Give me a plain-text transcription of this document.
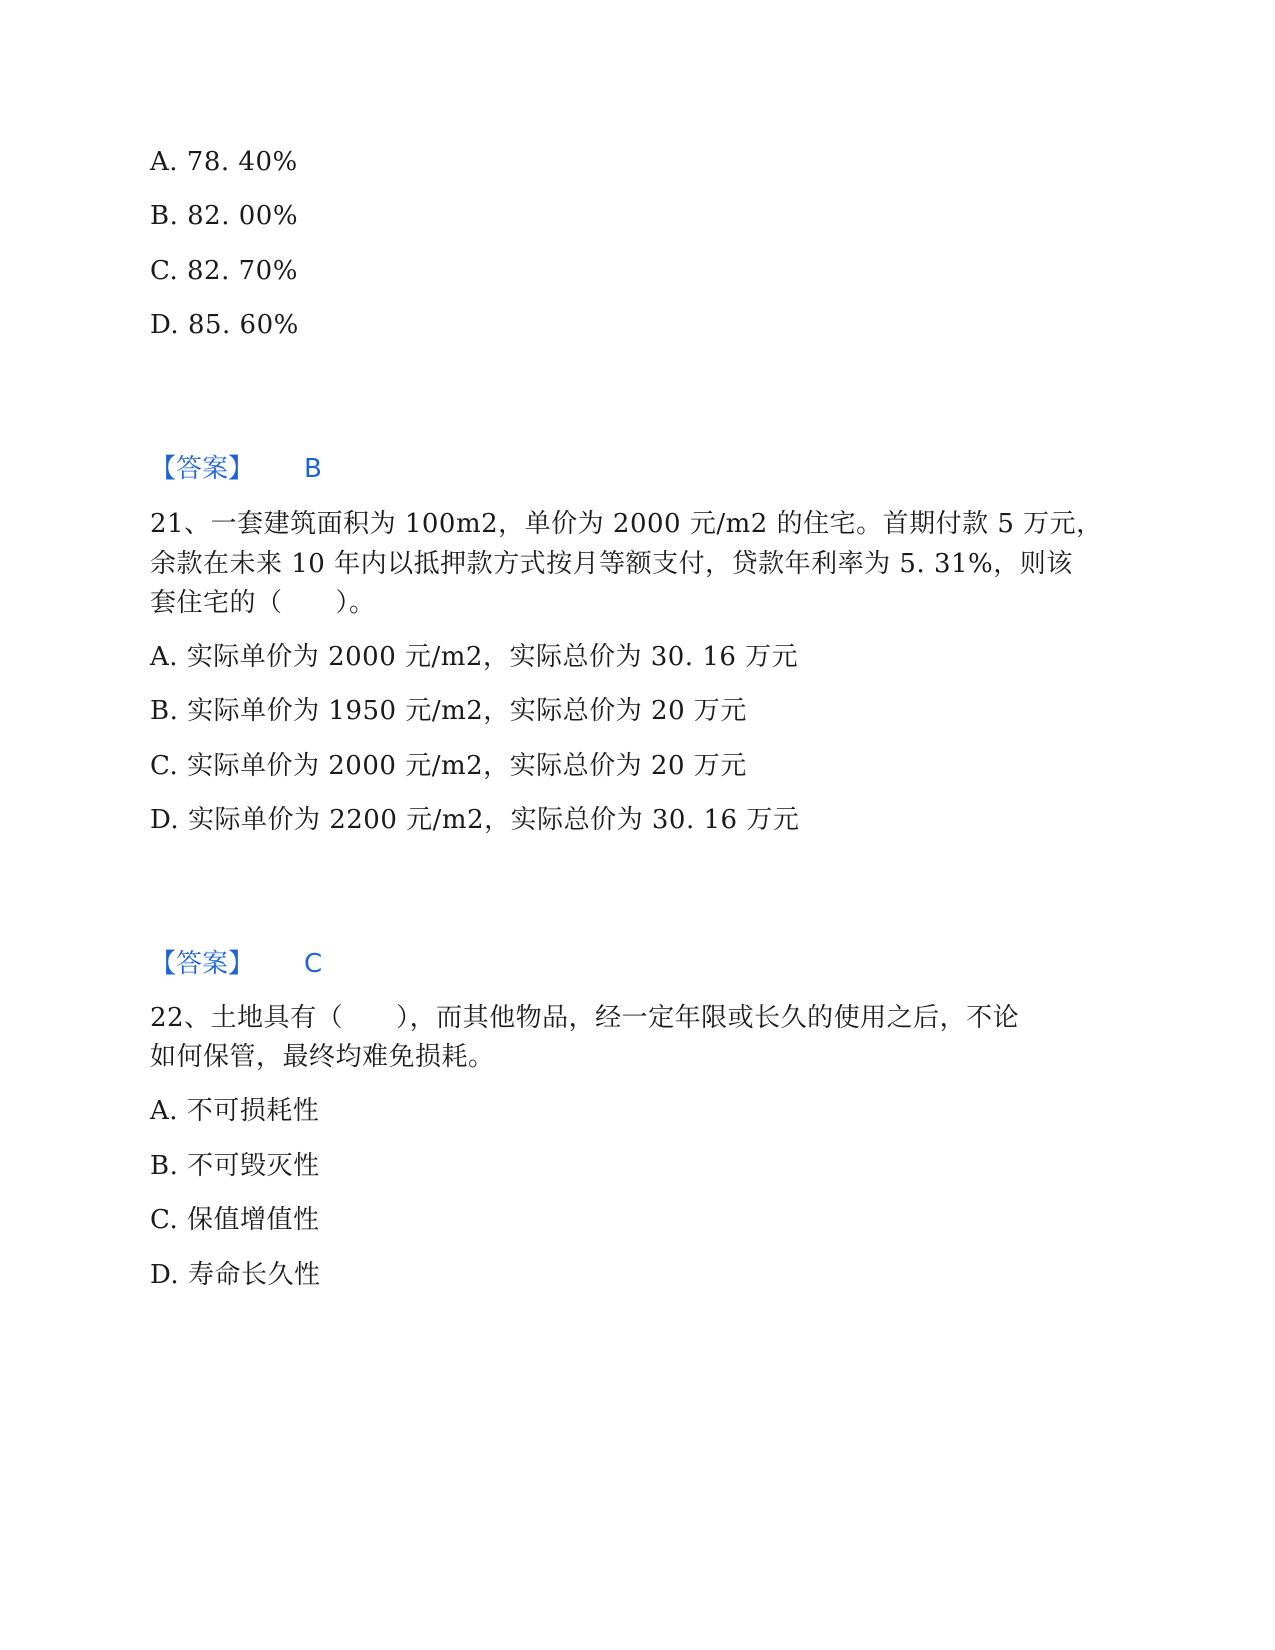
A. 78. 40%
B. 82. 00%
C. 82. 70%
D. 85. 60%
【答案】 B
21、一套建筑面积为 100m2，单价为 2000 元/m2 的住宅。首期付款 5 万元，
余款在未来 10 年内以抵押款方式按月等额支付，贷款年利率为 5. 31%，则该
套住宅的（　　）。
A. 实际单价为 2000 元/m2，实际总价为 30. 16 万元
B. 实际单价为 1950 元/m2，实际总价为 20 万元
C. 实际单价为 2000 元/m2，实际总价为 20 万元
D. 实际单价为 2200 元/m2，实际总价为 30. 16 万元
【答案】 C
22、土地具有（　　），而其他物品，经一定年限或长久的使用之后，不论
如何保管，最终均难免损耗。
A. 不可损耗性
B. 不可毁灭性
C. 保值增值性
D. 寿命长久性
